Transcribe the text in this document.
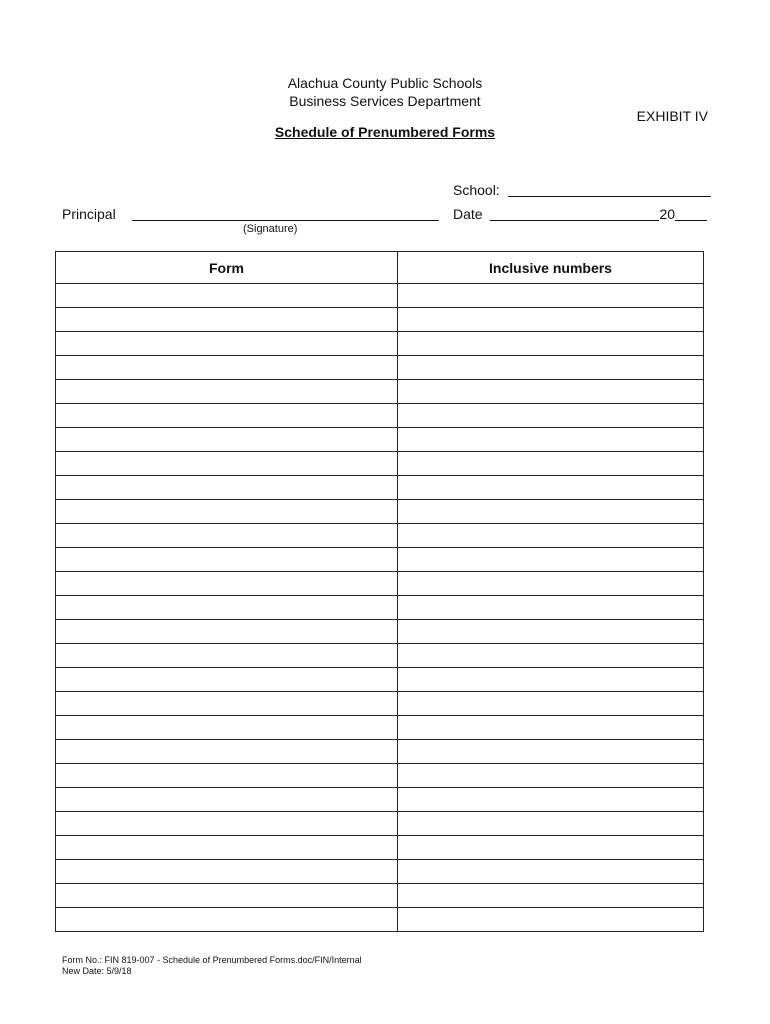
Alachua County Public Schools
Business Services Department
EXHIBIT IV
Schedule of Prenumbered Forms
School:
Principal
(Signature)
Date	20
Form	Inclusive numbers

Form No.: FIN 819-007 - Schedule of Prenumbered Forms.doc/FIN/Internal
New Date: 5/9/18
